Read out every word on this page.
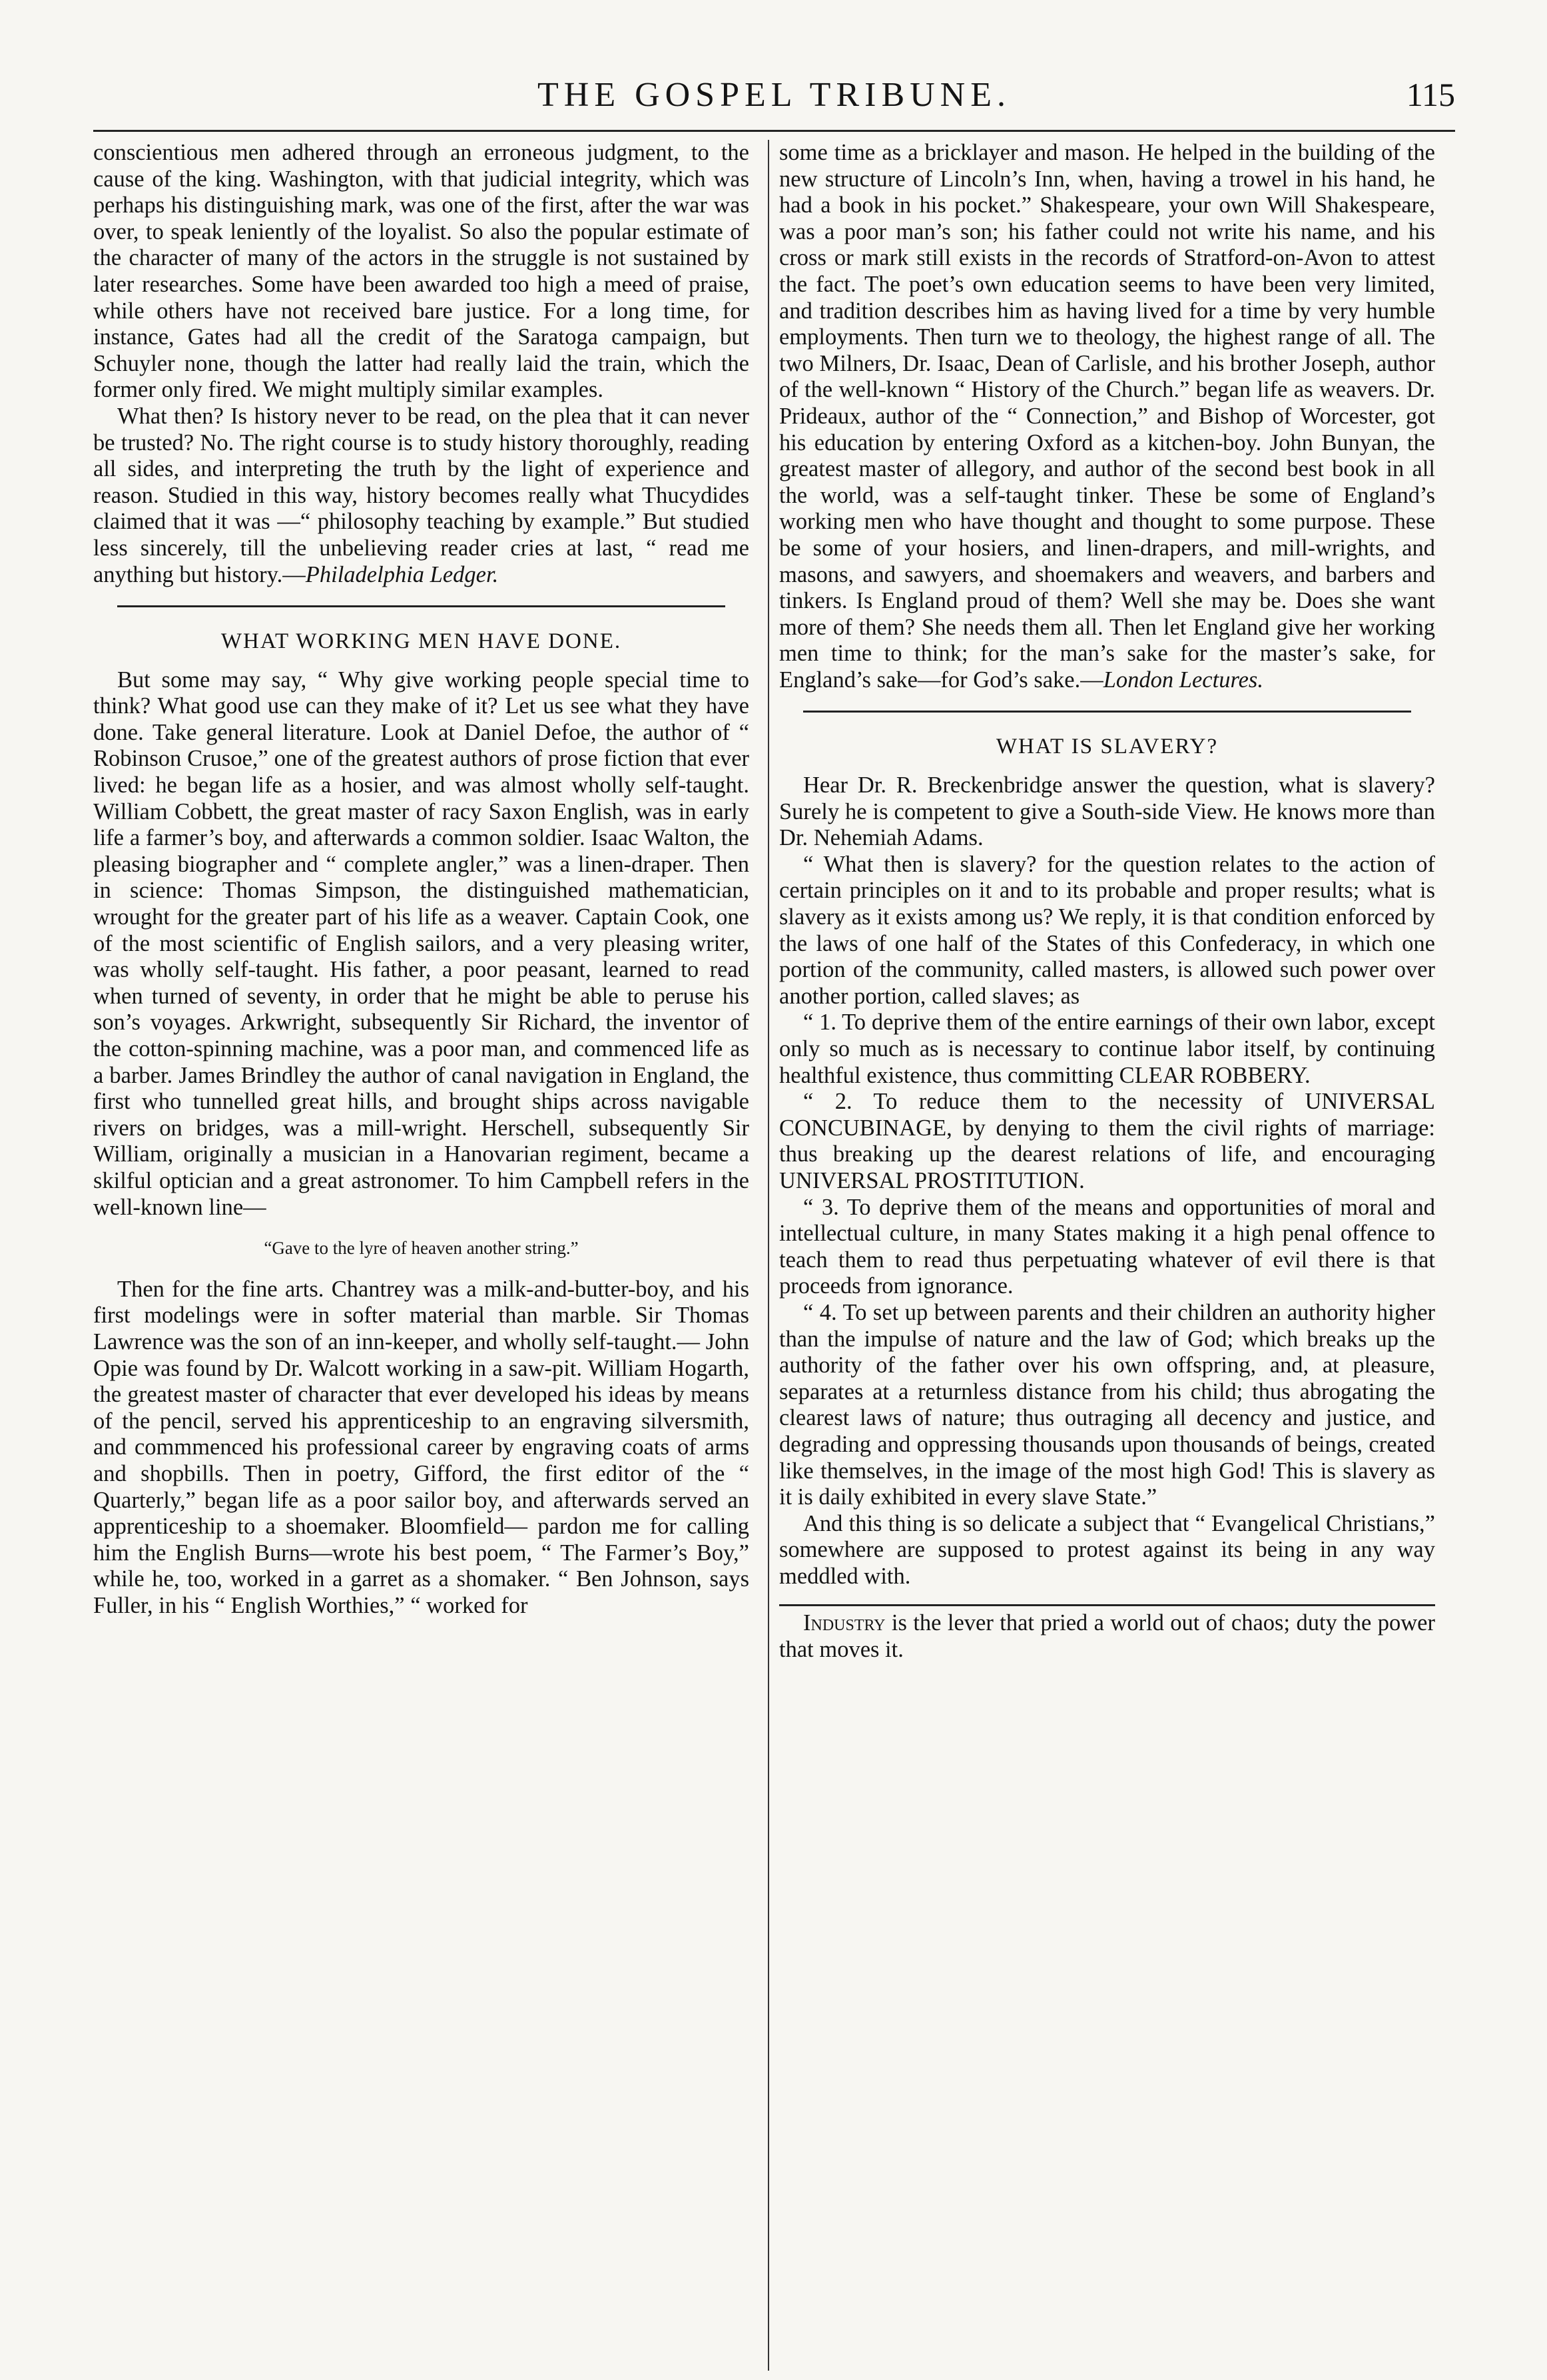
THE GOSPEL TRIBUNE.	115

conscientious men adhered through an erroneous judgment, to the cause of the king. Washington, with that judicial integrity, which was perhaps his distinguishing mark, was one of the first, after the war was over, to speak leniently of the loyalist. So also the popular estimate of the character of many of the actors in the struggle is not sustained by later researches. Some have been awarded too high a meed of praise, while others have not received bare justice. For a long time, for instance, Gates had all the credit of the Saratoga campaign, but Schuyler none, though the latter had really laid the train, which the former only fired. We might multiply similar examples.

What then? Is history never to be read, on the plea that it can never be trusted? No. The right course is to study history thoroughly, reading all sides, and interpreting the truth by the light of experience and reason. Studied in this way, history becomes really what Thucydides claimed that it was —“ philosophy teaching by example.” But studied less sincerely, till the unbelieving reader cries at last, “ read me anything but history.—Philadelphia Ledger.

WHAT WORKING MEN HAVE DONE.

But some may say, “ Why give working people special time to think? What good use can they make of it? Let us see what they have done. Take general literature. Look at Daniel Defoe, the author of “ Robinson Crusoe,” one of the greatest authors of prose fiction that ever lived: he began life as a hosier, and was almost wholly self-taught. William Cobbett, the great master of racy Saxon English, was in early life a farmer’s boy, and afterwards a common soldier. Isaac Walton, the pleasing biographer and “ complete angler,” was a linen-draper. Then in science: Thomas Simpson, the distinguished mathematician, wrought for the greater part of his life as a weaver. Captain Cook, one of the most scientific of English sailors, and a very pleasing writer, was wholly self-taught. His father, a poor peasant, learned to read when turned of seventy, in order that he might be able to peruse his son’s voyages. Arkwright, subsequently Sir Richard, the inventor of the cotton-spinning machine, was a poor man, and commenced life as a barber. James Brindley the author of canal navigation in England, the first who tunnelled great hills, and brought ships across navigable rivers on bridges, was a mill-wright. Herschell, subsequently Sir William, originally a musician in a Hanovarian regiment, became a skilful optician and a great astronomer. To him Campbell refers in the well-known line—

“Gave to the lyre of heaven another string.”

Then for the fine arts. Chantrey was a milk-and-butter-boy, and his first modelings were in softer material than marble. Sir Thomas Lawrence was the son of an inn-keeper, and wholly self-taught.— John Opie was found by Dr. Walcott working in a saw-pit. William Hogarth, the greatest master of character that ever developed his ideas by means of the pencil, served his apprenticeship to an engraving silversmith, and commmenced his professional career by engraving coats of arms and shopbills. Then in poetry, Gifford, the first editor of the “ Quarterly,” began life as a poor sailor boy, and afterwards served an apprenticeship to a shoemaker. Bloomfield— pardon me for calling him the English Burns—wrote his best poem, “ The Farmer’s Boy,” while he, too, worked in a garret as a shomaker. “ Ben Johnson, says Fuller, in his “ English Worthies,” “ worked for

some time as a bricklayer and mason. He helped in the building of the new structure of Lincoln’s Inn, when, having a trowel in his hand, he had a book in his pocket.” Shakespeare, your own Will Shakespeare, was a poor man’s son; his father could not write his name, and his cross or mark still exists in the records of Stratford-on-Avon to attest the fact. The poet’s own education seems to have been very limited, and tradition describes him as having lived for a time by very humble employments. Then turn we to theology, the highest range of all. The two Milners, Dr. Isaac, Dean of Carlisle, and his brother Joseph, author of the well-known “ History of the Church.” began life as weavers. Dr. Prideaux, author of the “ Connection,” and Bishop of Worcester, got his education by entering Oxford as a kitchen-boy. John Bunyan, the greatest master of allegory, and author of the second best book in all the world, was a self-taught tinker. These be some of England’s working men who have thought and thought to some purpose. These be some of your hosiers, and linen-drapers, and mill-wrights, and masons, and sawyers, and shoemakers and weavers, and barbers and tinkers. Is England proud of them? Well she may be. Does she want more of them? She needs them all. Then let England give her working men time to think; for the man’s sake for the master’s sake, for England’s sake—for God’s sake.—London Lectures.

WHAT IS SLAVERY?

Hear Dr. R. Breckenbridge answer the question, what is slavery? Surely he is competent to give a South-side View. He knows more than Dr. Nehemiah Adams.

“ What then is slavery? for the question relates to the action of certain principles on it and to its probable and proper results; what is slavery as it exists among us? We reply, it is that condition enforced by the laws of one half of the States of this Confederacy, in which one portion of the community, called masters, is allowed such power over another portion, called slaves; as

“ 1. To deprive them of the entire earnings of their own labor, except only so much as is necessary to continue labor itself, by continuing healthful existence, thus committing CLEAR ROBBERY.

“ 2. To reduce them to the necessity of UNIVERSAL CONCUBINAGE, by denying to them the civil rights of marriage: thus breaking up the dearest relations of life, and encouraging UNIVERSAL PROSTITUTION.

“ 3. To deprive them of the means and opportunities of moral and intellectual culture, in many States making it a high penal offence to teach them to read thus perpetuating whatever of evil there is that proceeds from ignorance.

“ 4. To set up between parents and their children an authority higher than the impulse of nature and the law of God; which breaks up the authority of the father over his own offspring, and, at pleasure, separates at a returnless distance from his child; thus abrogating the clearest laws of nature; thus outraging all decency and justice, and degrading and oppressing thousands upon thousands of beings, created like themselves, in the image of the most high God! This is slavery as it is daily exhibited in every slave State.”

And this thing is so delicate a subject that “ Evangelical Christians,” somewhere are supposed to protest against its being in any way meddled with.

Industry is the lever that pried a world out of chaos; duty the power that moves it.
